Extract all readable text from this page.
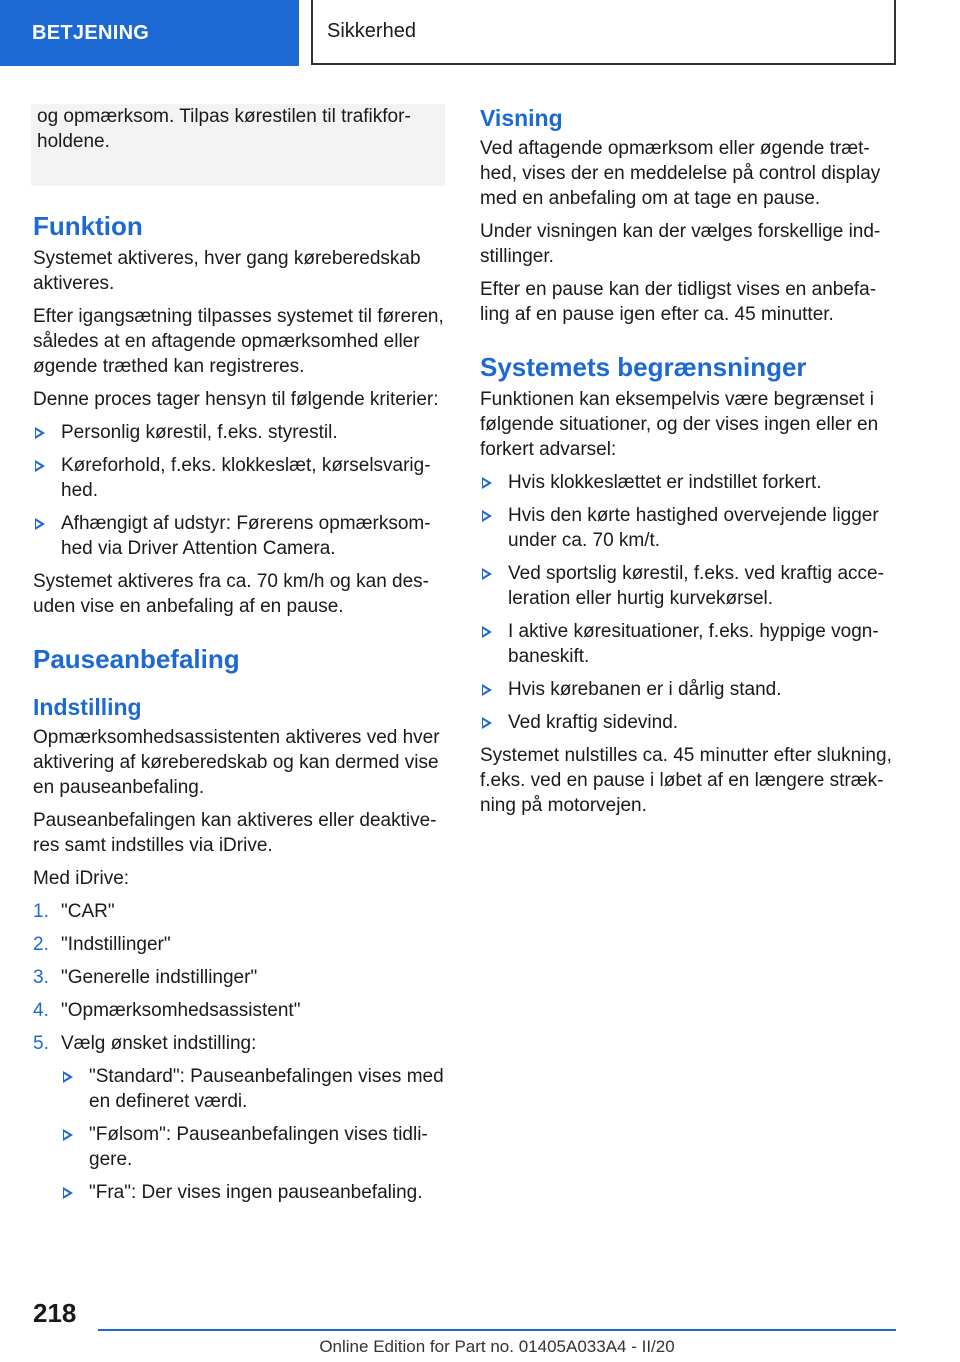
BETJENING	Sikkerhed

og opmærksom. Tilpas kørestilen til trafikfor-holdene.

Funktion

Systemet aktiveres, hver gang køreberedskab aktiveres.

Efter igangsætning tilpasses systemet til føreren, således at en aftagende opmærksomhed eller øgende træthed kan registreres.

Denne proces tager hensyn til følgende kriterier:

Personlig kørestil, f.eks. styrestil.
Køreforhold, f.eks. klokkeslæt, kørselsvarig-hed.
Afhængigt af udstyr: Førerens opmærksom-hed via Driver Attention Camera.

Systemet aktiveres fra ca. 70 km/h og kan des-uden vise en anbefaling af en pause.

Pauseanbefaling
Indstilling

Opmærksomhedsassistenten aktiveres ved hver aktivering af køreberedskab og kan dermed vise en pauseanbefaling.

Pauseanbefalingen kan aktiveres eller deaktive-res samt indstilles via iDrive.

Med iDrive:

1. "CAR"
2. "Indstillinger"
3. "Generelle indstillinger"
4. "Opmærksomhedsassistent"
5. Vælg ønsket indstilling:
"Standard": Pauseanbefalingen vises med en defineret værdi.
"Følsom": Pauseanbefalingen vises tidli-gere.
"Fra": Der vises ingen pauseanbefaling.
Visning

Ved aftagende opmærksom eller øgende træt-hed, vises der en meddelelse på control display med en anbefaling om at tage en pause.

Under visningen kan der vælges forskellige ind-stillinger.

Efter en pause kan der tidligst vises en anbefa-ling af en pause igen efter ca. 45 minutter.

Systemets begrænsninger

Funktionen kan eksempelvis være begrænset i følgende situationer, og der vises ingen eller en forkert advarsel:

Hvis klokkeslættet er indstillet forkert.
Hvis den kørte hastighed overvejende ligger under ca. 70 km/t.
Ved sportslig kørestil, f.eks. ved kraftig acce-leration eller hurtig kurvekørsel.
I aktive køresituationer, f.eks. hyppige vogn-baneskift.
Hvis kørebanen er i dårlig stand.
Ved kraftig sidevind.

Systemet nulstilles ca. 45 minutter efter slukning, f.eks. ved en pause i løbet af en længere stræk-ning på motorvejen.

218
Online Edition for Part no. 01405A033A4 - II/20
